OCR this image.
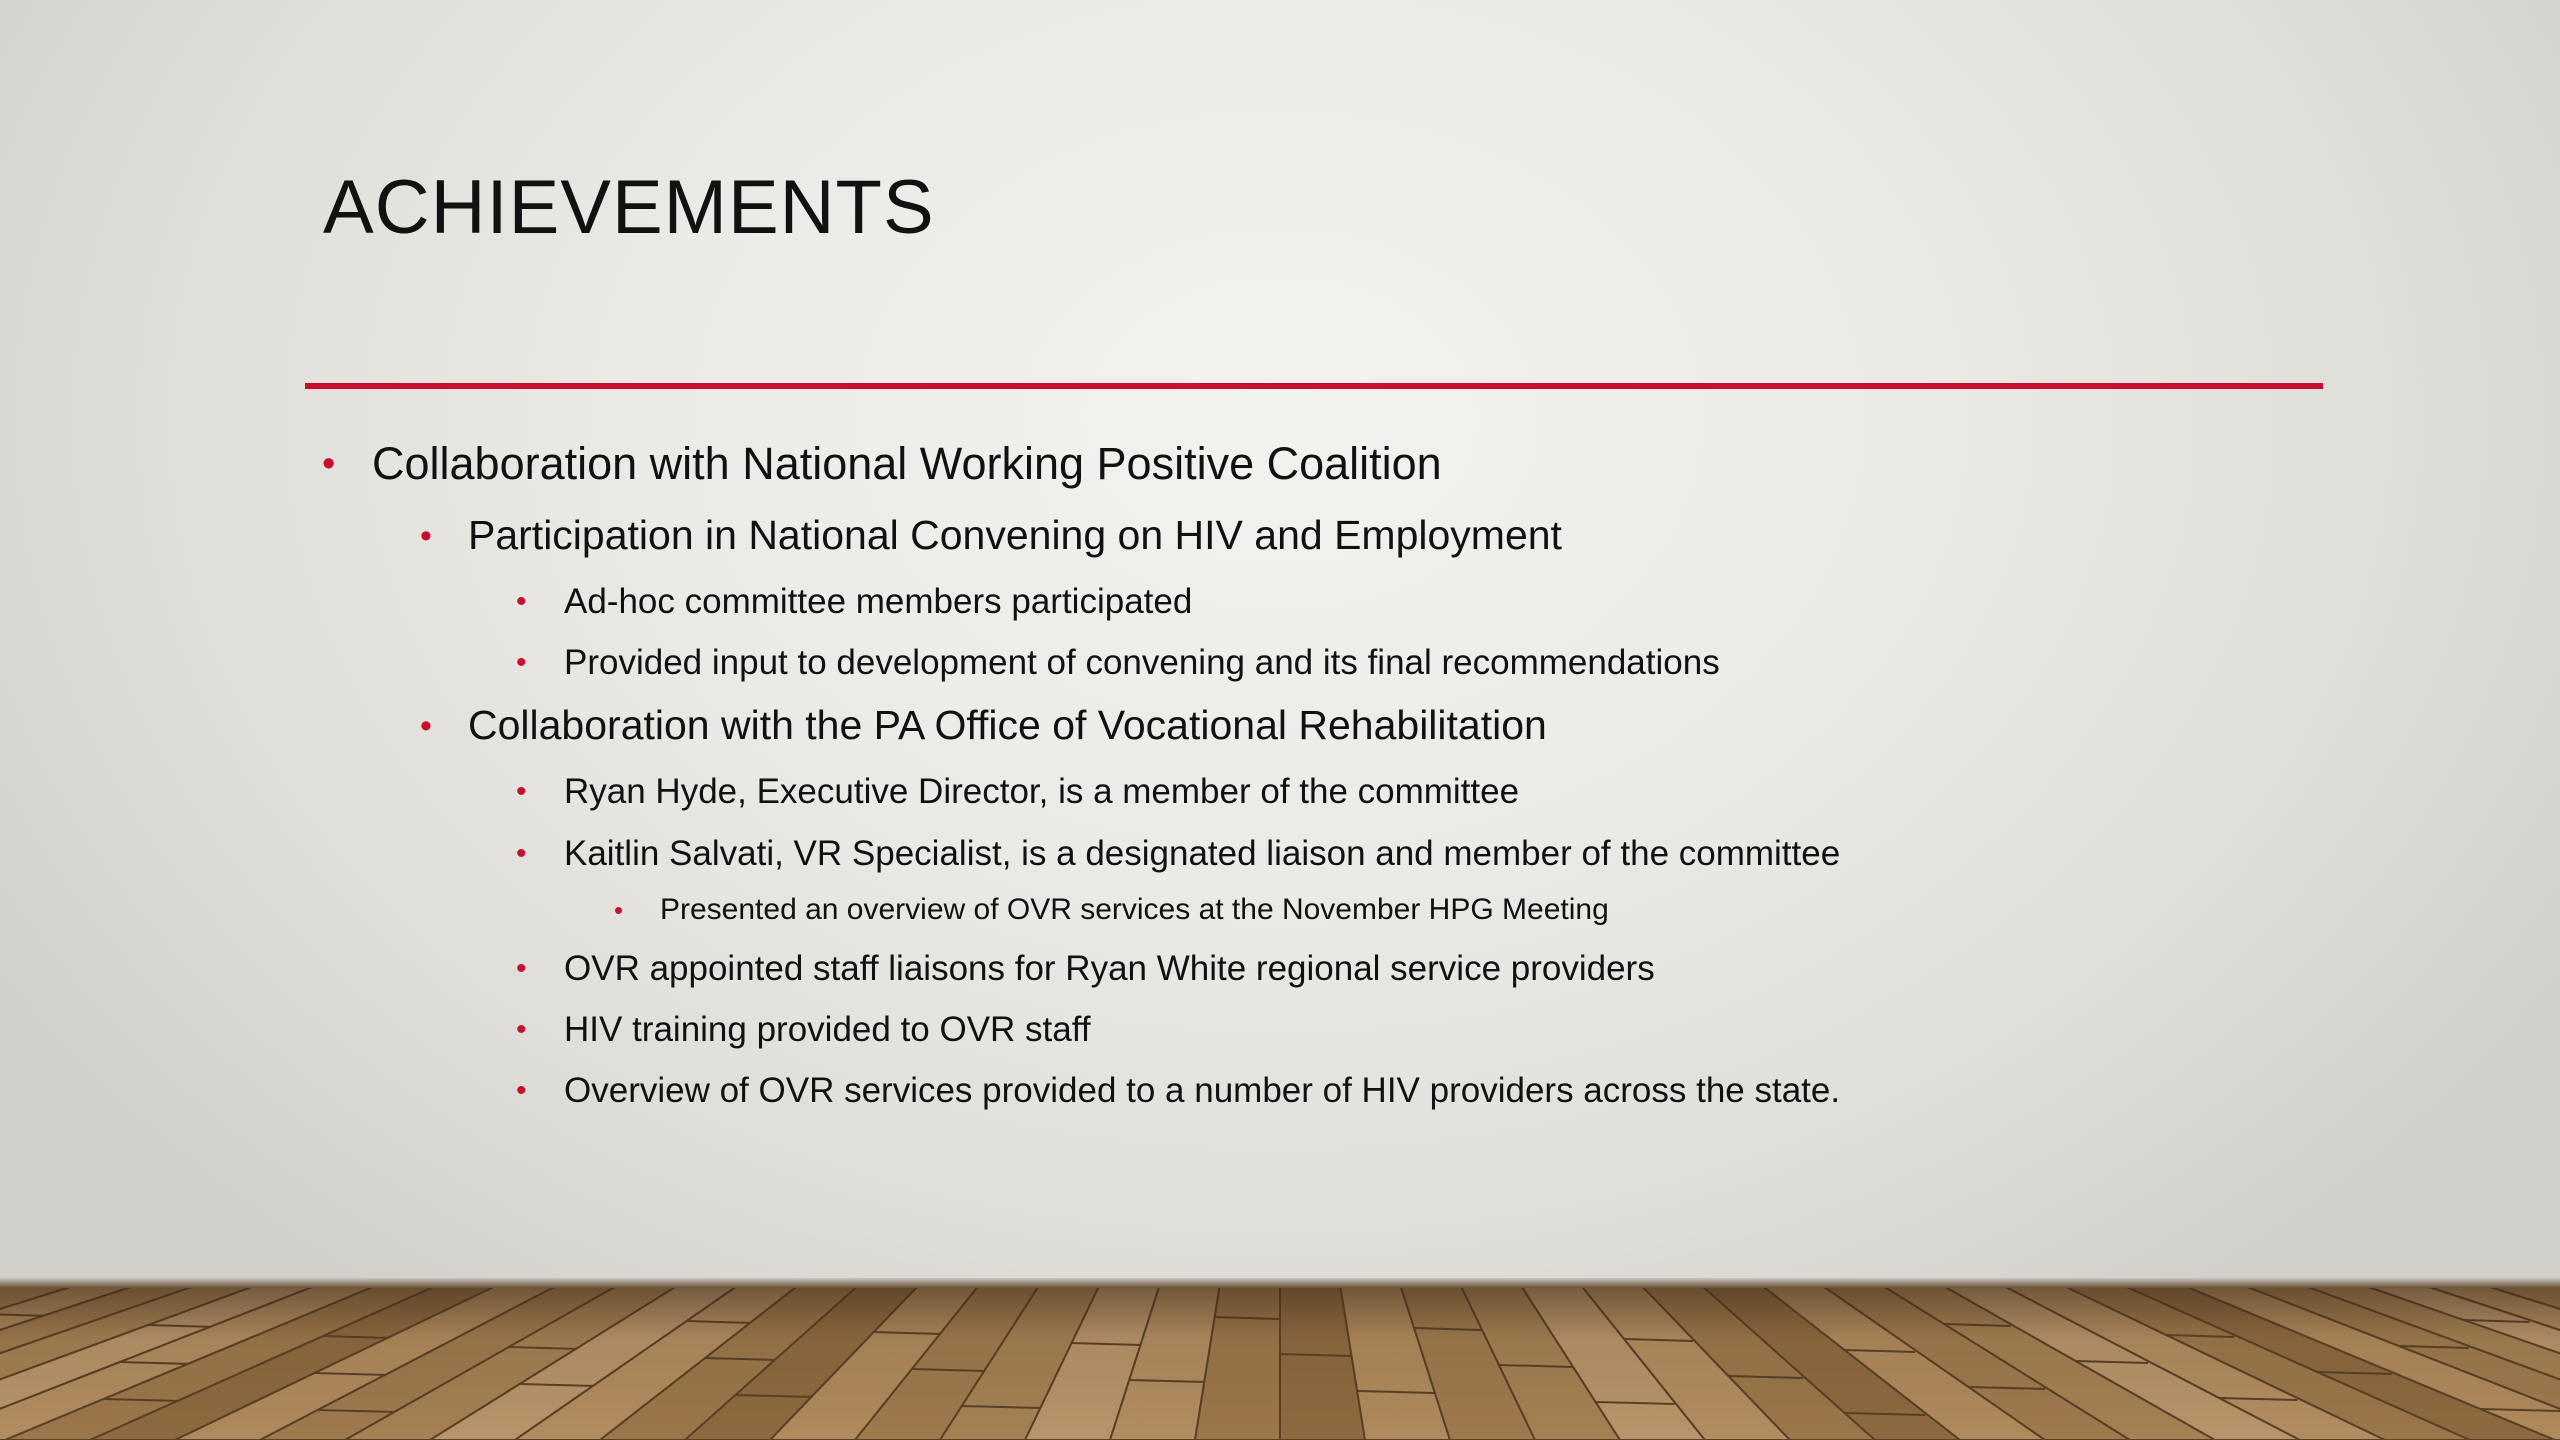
ACHIEVEMENTS
• Collaboration with National Working Positive Coalition
• Participation in National Convening on HIV and Employment
• Ad-hoc committee members participated
• Provided input to development of convening and its final recommendations
• Collaboration with the PA Office of Vocational Rehabilitation
• Ryan Hyde, Executive Director, is a member of the committee
• Kaitlin Salvati, VR Specialist, is a designated liaison and member of the committee
• Presented an overview of OVR services at the November HPG Meeting
• OVR appointed staff liaisons for Ryan White regional service providers
• HIV training provided to OVR staff
• Overview of OVR services provided to a number of HIV providers across the state.
